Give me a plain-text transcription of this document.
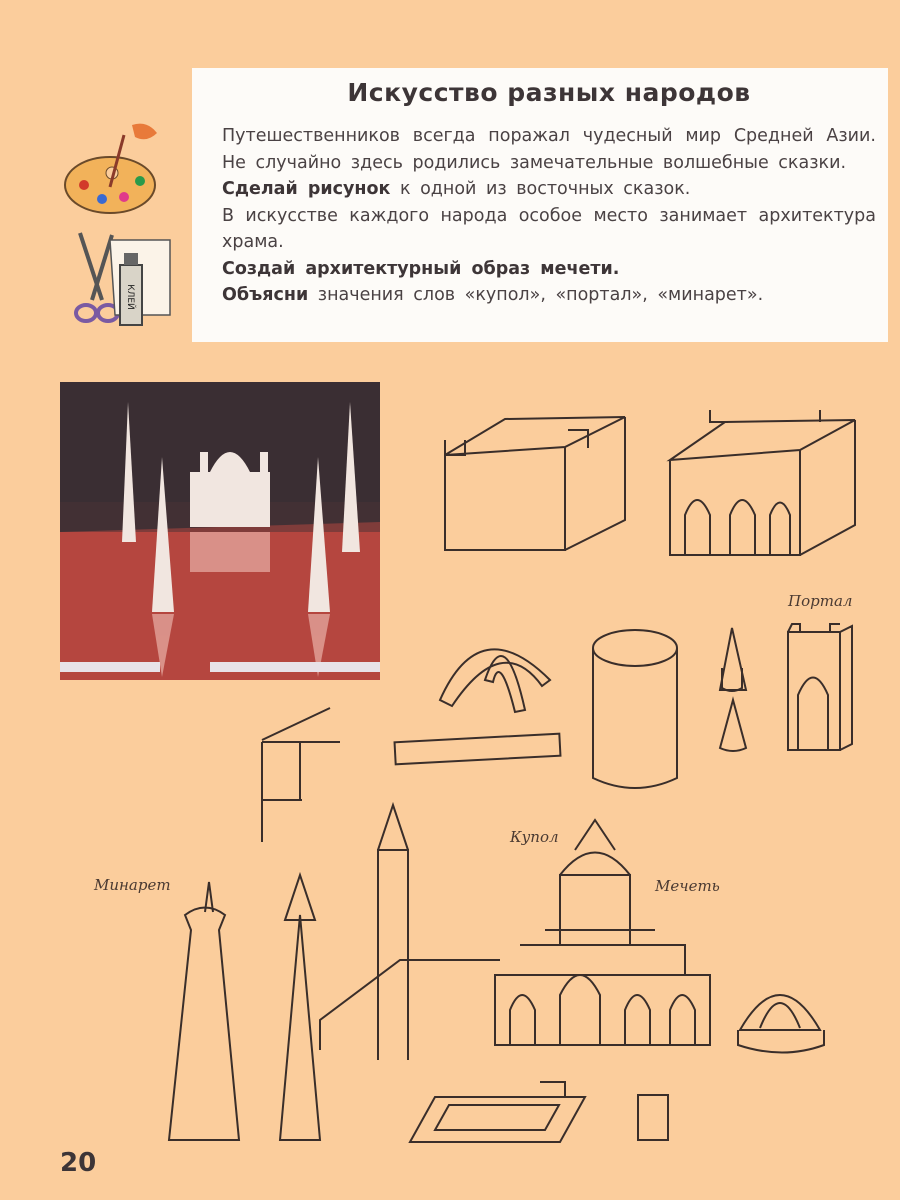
Искусство разных народов

Путешественников всегда поражал чудесный мир Средней Азии. Не случайно здесь родились замечательные волшебные сказки.

Сделай рисунок к одной из восточных сказок.

В искусстве каждого народа особое место занимает архитектура храма.

Создай архитектурный образ мечети.

Объясни значения слов «купол», «портал», «минарет».

КЛЕЙ
Портал
Купол
Мечеть
Минарет
20
